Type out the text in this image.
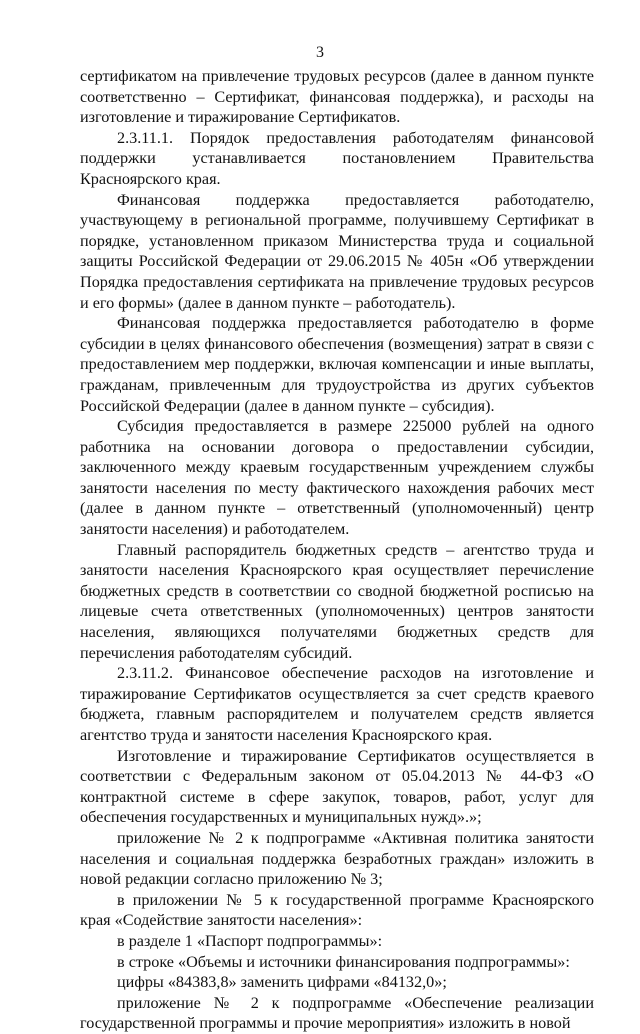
3

сертификатом на привлечение трудовых ресурсов (далее в данном пункте соответственно – Сертификат, финансовая поддержка), и расходы на изготовление и тиражирование Сертификатов.

2.3.11.1. Порядок предоставления работодателям финансовой поддержки устанавливается постановлением Правительства Красноярского края.

Финансовая поддержка предоставляется работодателю, участвующему в региональной программе, получившему Сертификат в порядке, установленном приказом Министерства труда и социальной защиты Российской Федерации от 29.06.2015 № 405н «Об утверждении Порядка предоставления сертификата на привлечение трудовых ресурсов и его формы» (далее в данном пункте – работодатель).

Финансовая поддержка предоставляется работодателю в форме субсидии в целях финансового обеспечения (возмещения) затрат в связи с предоставлением мер поддержки, включая компенсации и иные выплаты, гражданам, привлеченным для трудоустройства из других субъектов Российской Федерации (далее в данном пункте – субсидия).

Субсидия предоставляется в размере 225000 рублей на одного работника на основании договора о предоставлении субсидии, заключенного между краевым государственным учреждением службы занятости населения по месту фактического нахождения рабочих мест (далее в данном пункте – ответственный (уполномоченный) центр занятости населения) и работодателем.

Главный распорядитель бюджетных средств – агентство труда и занятости населения Красноярского края осуществляет перечисление бюджетных средств в соответствии со сводной бюджетной росписью на лицевые счета ответственных (уполномоченных) центров занятости населения, являющихся получателями бюджетных средств для перечисления работодателям субсидий.

2.3.11.2. Финансовое обеспечение расходов на изготовление и тиражирование Сертификатов осуществляется за счет средств краевого бюджета, главным распорядителем и получателем средств является агентство труда и занятости населения Красноярского края.

Изготовление и тиражирование Сертификатов осуществляется в соответствии с Федеральным законом от 05.04.2013 № 44-ФЗ «О контрактной системе в сфере закупок, товаров, работ, услуг для обеспечения государственных и муниципальных нужд».»;

приложение № 2 к подпрограмме «Активная политика занятости населения и социальная поддержка безработных граждан» изложить в новой редакции согласно приложению № 3;

в приложении № 5 к государственной программе Красноярского края «Содействие занятости населения»:

в разделе 1 «Паспорт подпрограммы»:

в строке «Объемы и источники финансирования подпрограммы»:

цифры «84383,8» заменить цифрами «84132,0»;

приложение № 2 к подпрограмме «Обеспечение реализации государственной программы и прочие мероприятия» изложить в новой
